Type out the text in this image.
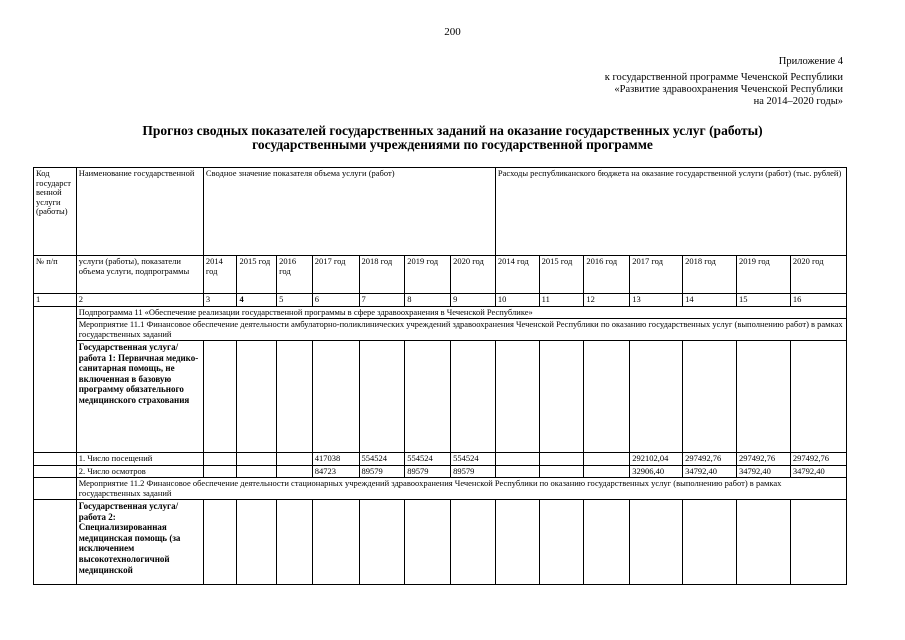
200
Приложение 4
к государственной программе Чеченской Республики
«Развитие здравоохранения Чеченской Республики
на 2014–2020 годы»
Прогноз сводных показателей государственных заданий на оказание государственных услуг (работы)
государственными учреждениями по государственной программе
Код государственной услуги (работы)	Наименование государственной	Сводное значение показателя объема услуги (работ)							Расходы республиканского бюджета на оказание государственной услуги (работ) (тыс. рублей)						
№ п/п	услуги (работы), показатели объема услуги, подпрограммы	2014 год	2015 год	2016 год	2017 год	2018 год	2019 год	2020 год	2014 год	2015 год	2016 год	2017 год	2018 год	2019 год	2020 год
1	2	3	4	5	6	7	8	9	10	11	12	13	14	15	16
	Подпрограмма 11 «Обеспечение реализации государственной программы в сфере здравоохранения в Чеченской Республике»														
	Мероприятие 11.1 Финансовое обеспечение деятельности амбулаторно-поликлинических учреждений здравоохранения Чеченской Республики по оказанию государственных услуг (выполнению работ) в рамках государственных заданий														
	Государственная услуга/работа 1: Первичная медико-санитарная помощь, не включенная в базовую программу обязательного медицинского страхования														
	1. Число посещений				417038	554524	554524	554524				292102,04	297492,76	297492,76	297492,76
	2. Число осмотров				84723	89579	89579	89579				32906,40	34792,40	34792,40	34792,40
	Мероприятие 11.2 Финансовое обеспечение деятельности стационарных учреждений здравоохранения Чеченской Республики по оказанию государственных услуг (выполнению работ) в рамках государственных заданий														
	Государственная услуга/работа 2: Специализированная медицинская помощь (за исключением высокотехнологичной медицинской														
